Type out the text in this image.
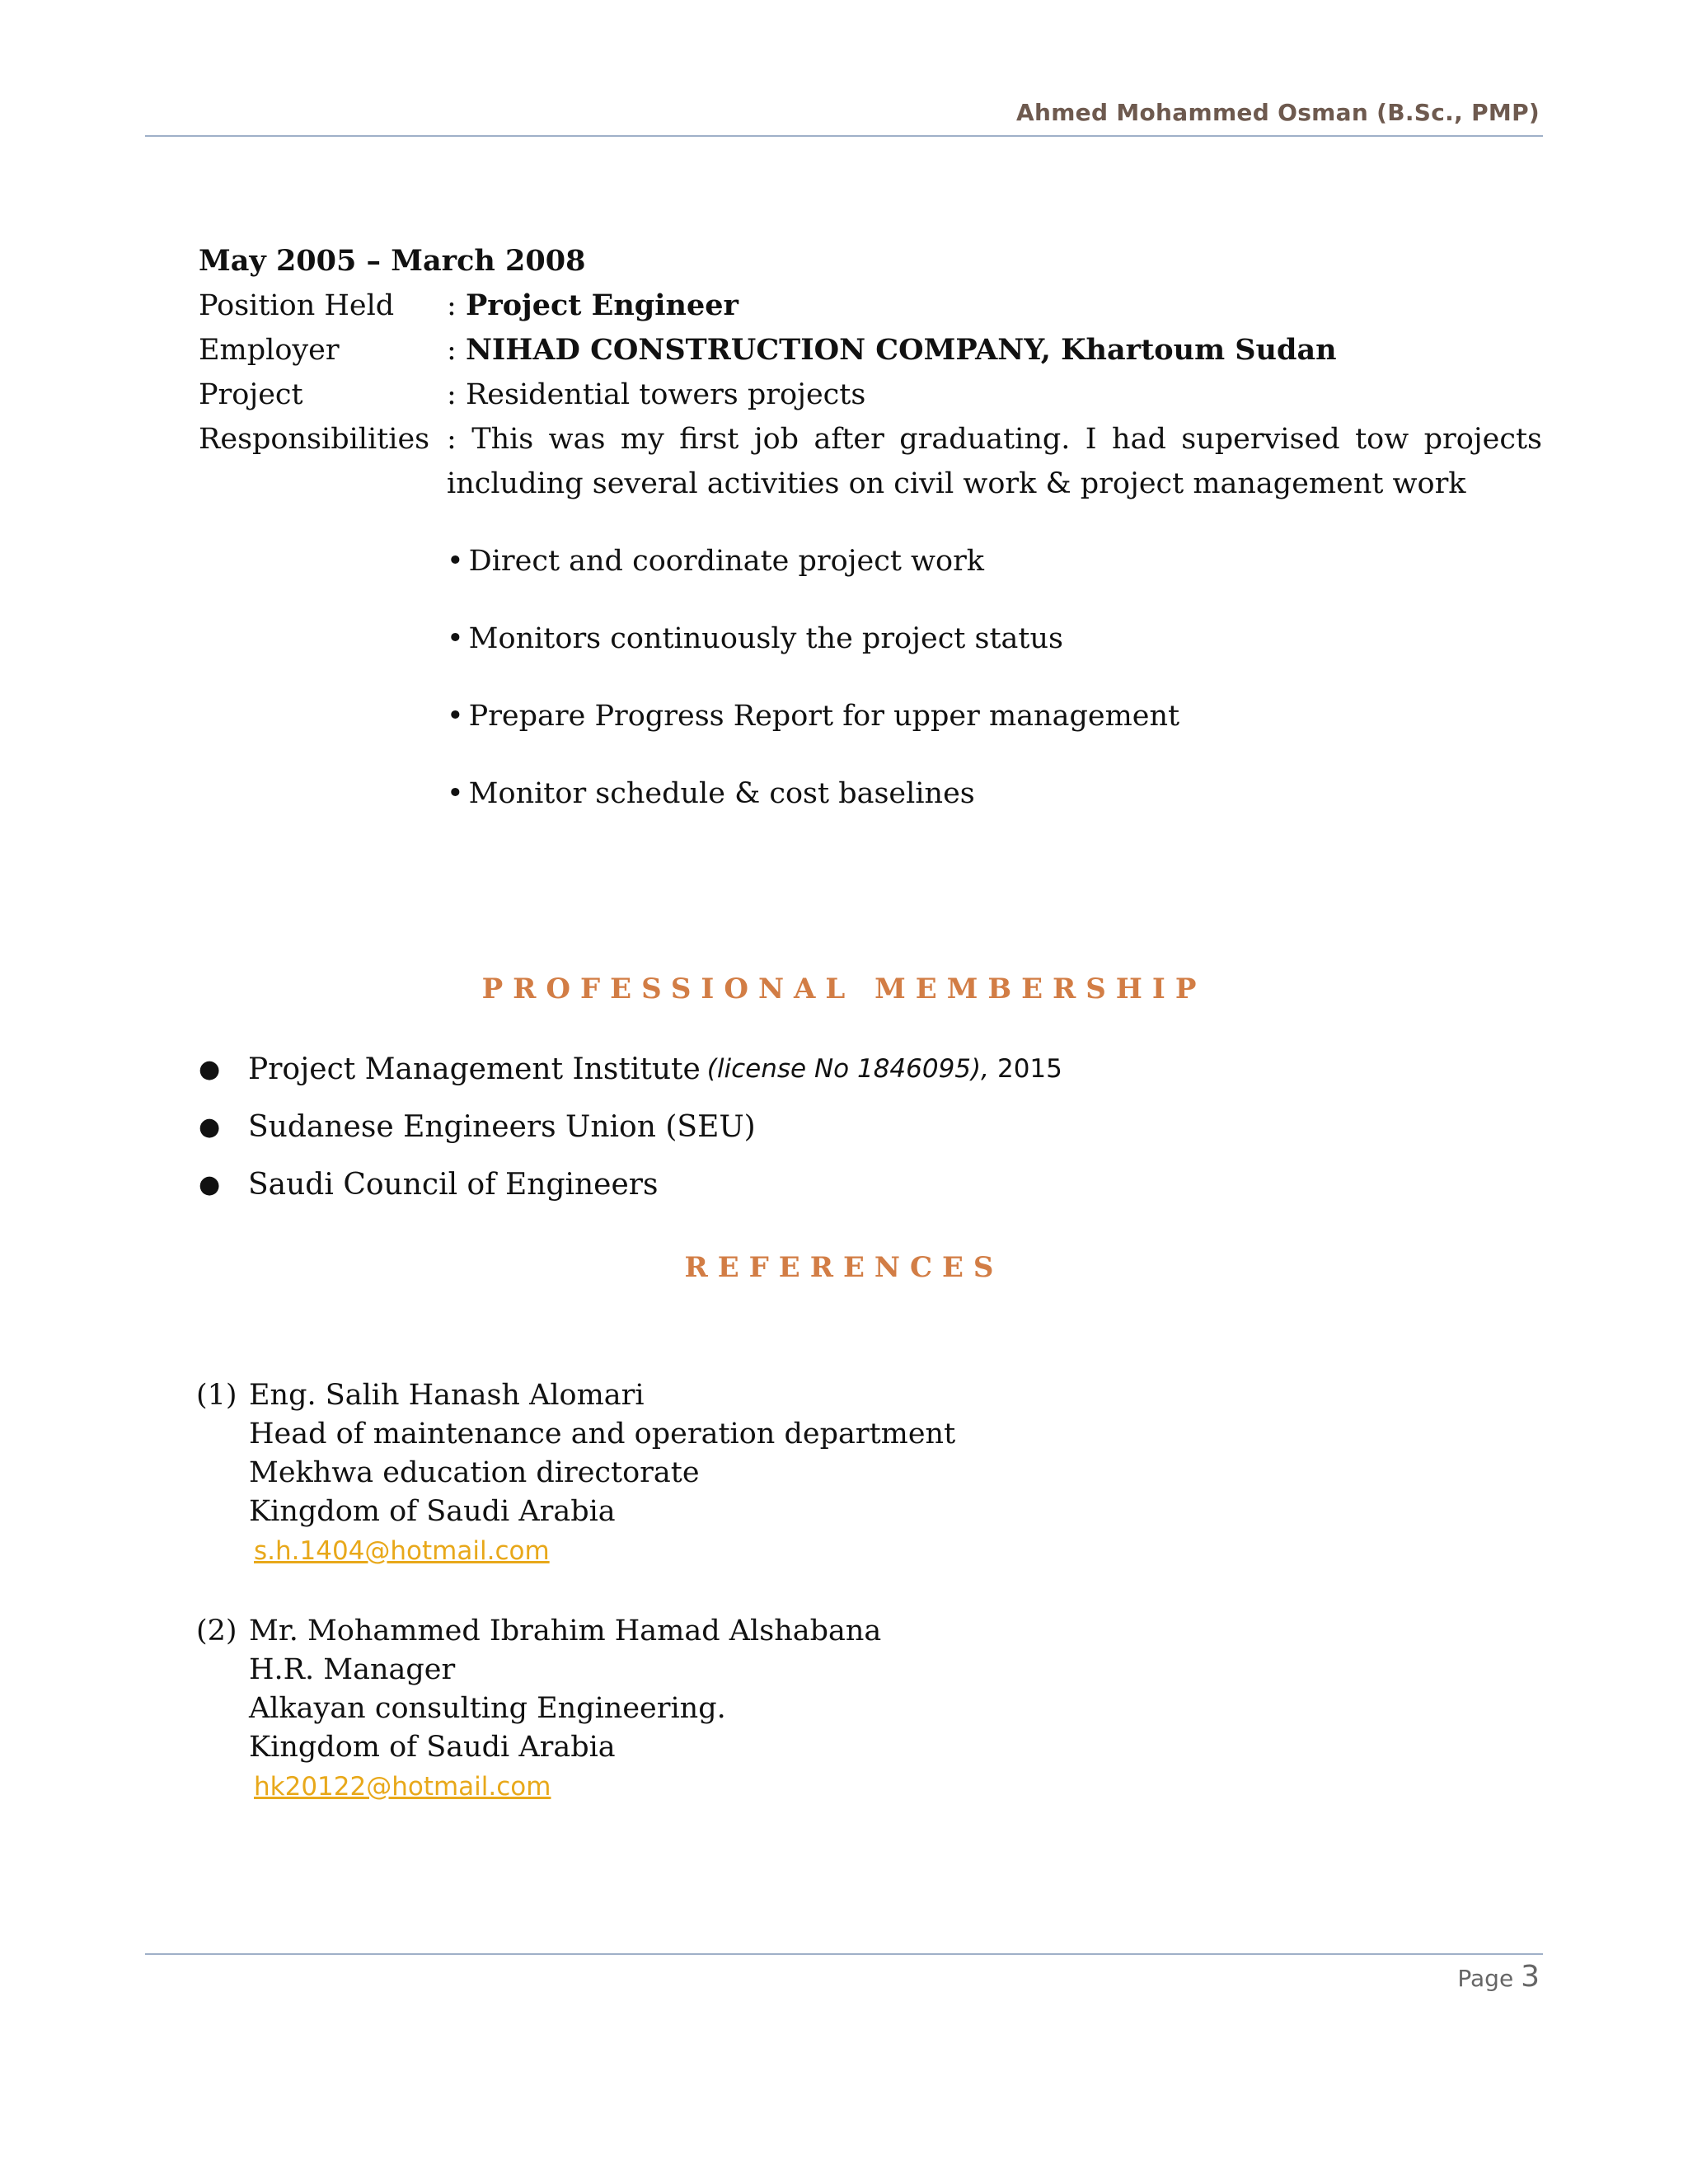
Ahmed Mohammed Osman (B.Sc., PMP)
May 2005 – March 2008
Position Held	: Project Engineer
Employer	: NIHAD CONSTRUCTION COMPANY, Khartoum Sudan
Project	: Residential towers projects
Responsibilities : This was my first job after graduating. I had supervised tow projects including several activities on civil work & project management work
• Direct and coordinate project work
• Monitors continuously the project status
• Prepare Progress Report for upper management
• Monitor schedule & cost baselines
PROFESSIONAL MEMBERSHIP
● Project Management Institute (license No 1846095), 2015
● Sudanese Engineers Union (SEU)
● Saudi Council of Engineers
REFERENCES
(1) Eng. Salih Hanash Alomari
Head of maintenance and operation department
Mekhwa education directorate
Kingdom of Saudi Arabia
s.h.1404@hotmail.com
(2) Mr. Mohammed Ibrahim Hamad Alshabana
H.R. Manager
Alkayan consulting Engineering.
Kingdom of Saudi Arabia
hk20122@hotmail.com
Page 3
